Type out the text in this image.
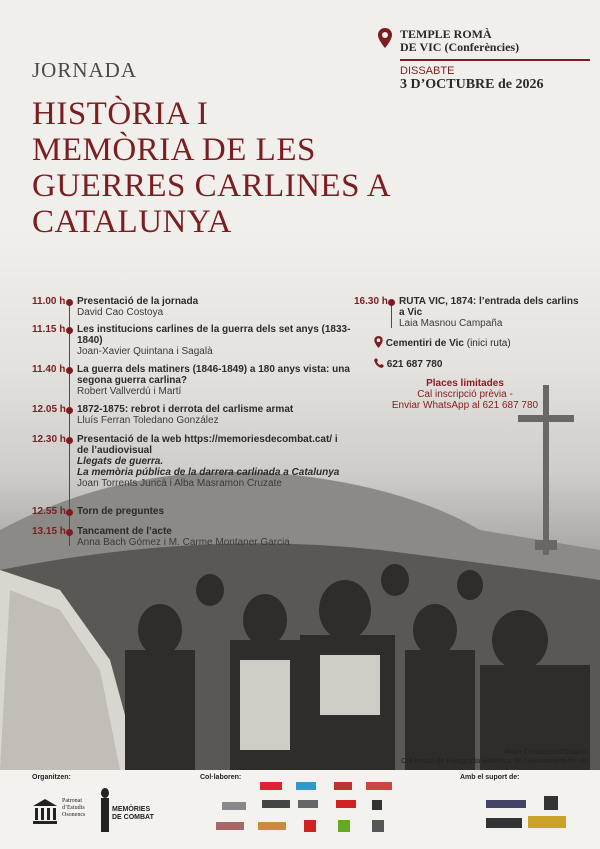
TEMPLE ROMÀ
DE VIC (Conferències)
DISSABTE
3 D’OCTUBRE de 2026
JORNADA
HISTÒRIA I
MEMÒRIA DE LES
GUERRES CARLINES A
CATALUNYA
11.00 h Presentació de la jornada
David Cao Costoya
11.15 h Les institucions carlines de la guerra dels set anys (1833-1840)
Joan-Xavier Quintana i Sagalà
11.40 h La guerra dels matiners (1846-1849) a 180 anys vista: una segona guerra carlina?
Robert Vallverdú i Martí
12.05 h 1872-1875: rebrot i derrota del carlisme armat
Lluís Ferran Toledano González
12.30 h Presentació de la web https://memoriesdecombat.cat/ i de l’audiovisual
Llegats de guerra.
La memòria pública de la darrera carlinada a Catalunya
Joan Torrents Juncà i Alba Masramon Cruzate
12.55 h Torn de preguntes
13.15 h Tancament de l’acte
Anna Bach Gómez i M. Carme Montaner Garcia
16.30 h RUTA VIC, 1874: l’entrada dels carlins a Vic
Laia Masnou Campaña
Cementiri de Vic (inici ruta)
621 687 780
Places limitades
Cal inscripció prèvia -
Enviar WhatsApp al 621 687 780
Arxiu Comarcal d’Osona,
Col·lecció de Fotografia Històrica de l’Ajuntament de Vic
Organitzen:	Col·laboren:	Amb el suport de:
Patronat
d’Estudis
Osonencs
MEMÒRIES
DE COMBAT
